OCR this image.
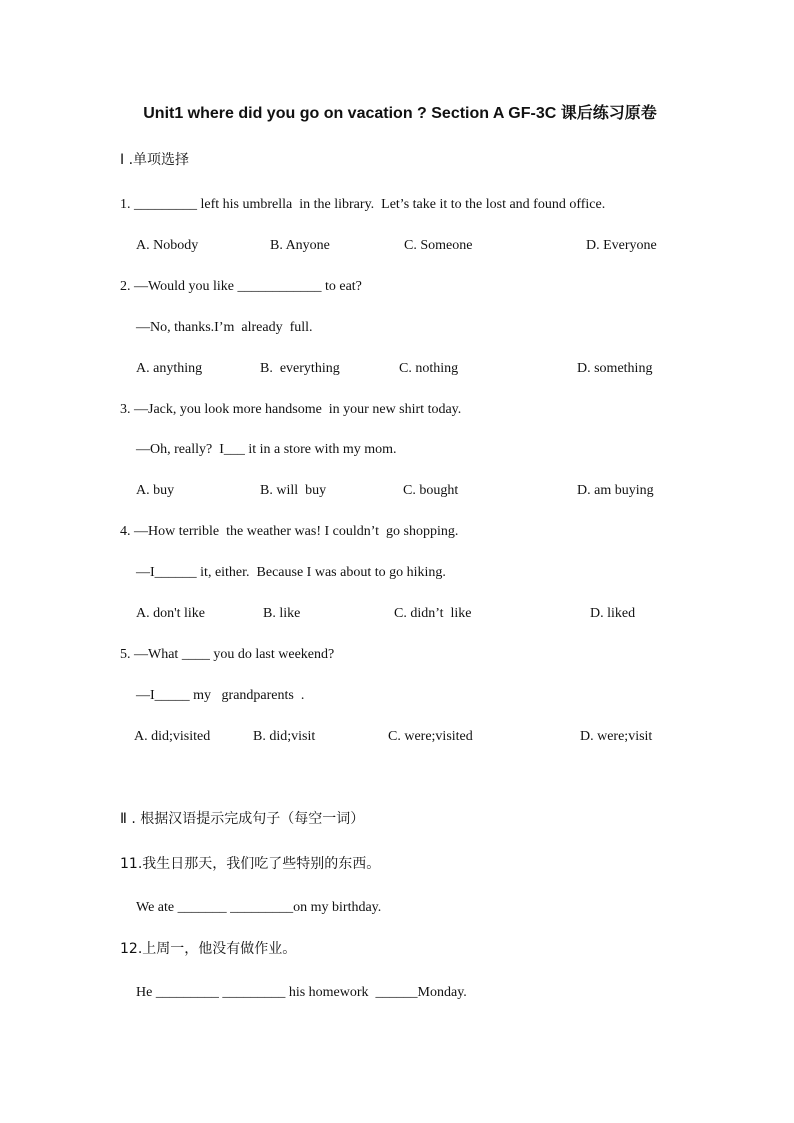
Unit1 where did you go on vacation ? Section A GF-3C 课后练习原卷
Ⅰ .单项选择
1. _________ left his umbrella  in the library.  Let’s take it to the lost and found office.
A. Nobody	B. Anyone	C. Someone	D. Everyone
2. —Would you like ____________ to eat?
—No, thanks.I’m  already  full.
A. anything	B.  everything	C. nothing	D. something
3. —Jack, you look more handsome  in your new shirt today.
—Oh, really?  I___ it in a store with my mom.
A. buy	B. will  buy	C. bought	D. am buying
4. —How terrible  the weather was! I couldn’t  go shopping.
—I______ it, either.  Because I was about to go hiking.
A. don't like	B. like	C. didn’t  like	D. liked
5. —What ____ you do last weekend?
—I_____ my   grandparents  .
A. did;visited	B. did;visit	C. were;visited	D. were;visit
Ⅱ . 根据汉语提示完成句子（每空一词）
11.我生日那天，我们吃了些特别的东西。
We ate _______ _________on my birthday.
12.上周一，他没有做作业。
He _________ _________ his homework  ______Monday.
